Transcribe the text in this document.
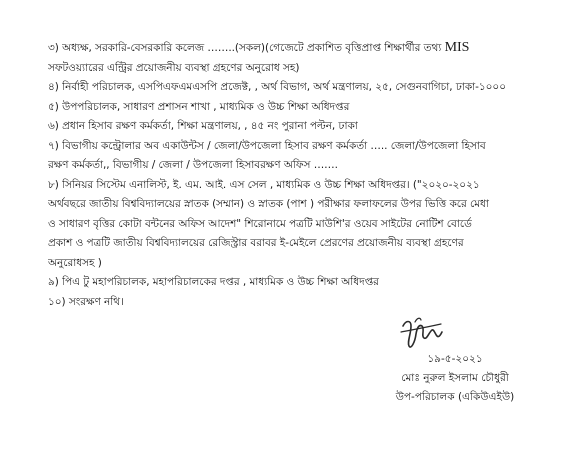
৩) অধ্যক্ষ, সরকারি-বেসরকারি কলেজ ……..(সকল)(গেজেটে প্রকাশিত বৃত্তিপ্রাপ্ত শিক্ষার্থীর তথ্য MIS
সফটওয়্যারের এন্ট্রির প্রয়োজনীয় ব্যবস্থা গ্রহণের অনুরোধ সহ)
৪) নির্বাহী পরিচালক, এসপিএফএমএসপি প্রজেক্ট, , অর্থ বিভাগ, অর্থ মন্ত্রণালয়, ২৫, সেগুনবাগিচা, ঢাকা-১০০০
৫) উপপরিচালক, সাধারণ প্রশাসন শাখা , মাধ্যমিক ও উচ্চ শিক্ষা অধিদপ্তর
৬) প্রধান হিসাব রক্ষণ কর্মকর্তা, শিক্ষা মন্ত্রণালয়, , ৪৫ নং পুরানা পল্টন, ঢাকা
৭) বিভাগীয় কন্ট্রোলার অব একাউন্টস / জেলা/উপজেলা হিসাব রক্ষণ কর্মকর্তা ….. জেলা/উপজেলা হিসাব
রক্ষণ কর্মকর্তা,, বিভাগীয় / জেলা / উপজেলা হিসাবরক্ষণ অফিস …….
৮) সিনিয়র সিস্টেম এনালিস্ট, ই. এম. আই. এস সেল , মাধ্যমিক ও উচ্চ শিক্ষা অধিদপ্তর। ("২০২০-২০২১
অর্থবছরে জাতীয় বিশ্ববিদ্যালয়ের স্নাতক (সম্মান) ও স্নাতক (পাশ ) পরীক্ষার ফলাফলের উপর ভিত্তি করে মেধা
ও সাধারণ বৃত্তির কোটা বন্টনের অফিস আদেশ" শিরোনামে পত্রটি মাউশি'র ওয়েব সাইটের নোটিশ বোর্ডে
প্রকাশ ও পত্রটি জাতীয় বিশ্ববিদ্যালয়ের রেজিস্ট্রার বরাবর ই-মেইলে প্রেরণের প্রয়োজনীয় ব্যবস্থা গ্রহণের
অনুরোধসহ )
৯) পিএ টু মহাপরিচালক, মহাপরিচালকের দপ্তর , মাধ্যমিক ও উচ্চ শিক্ষা অধিদপ্তর
১০) সংরক্ষণ নথি।
১৯-৫-২০২১
মোঃ নুরুল ইসলাম চৌধুরী
উপ-পরিচালক (একিউএইউ)
